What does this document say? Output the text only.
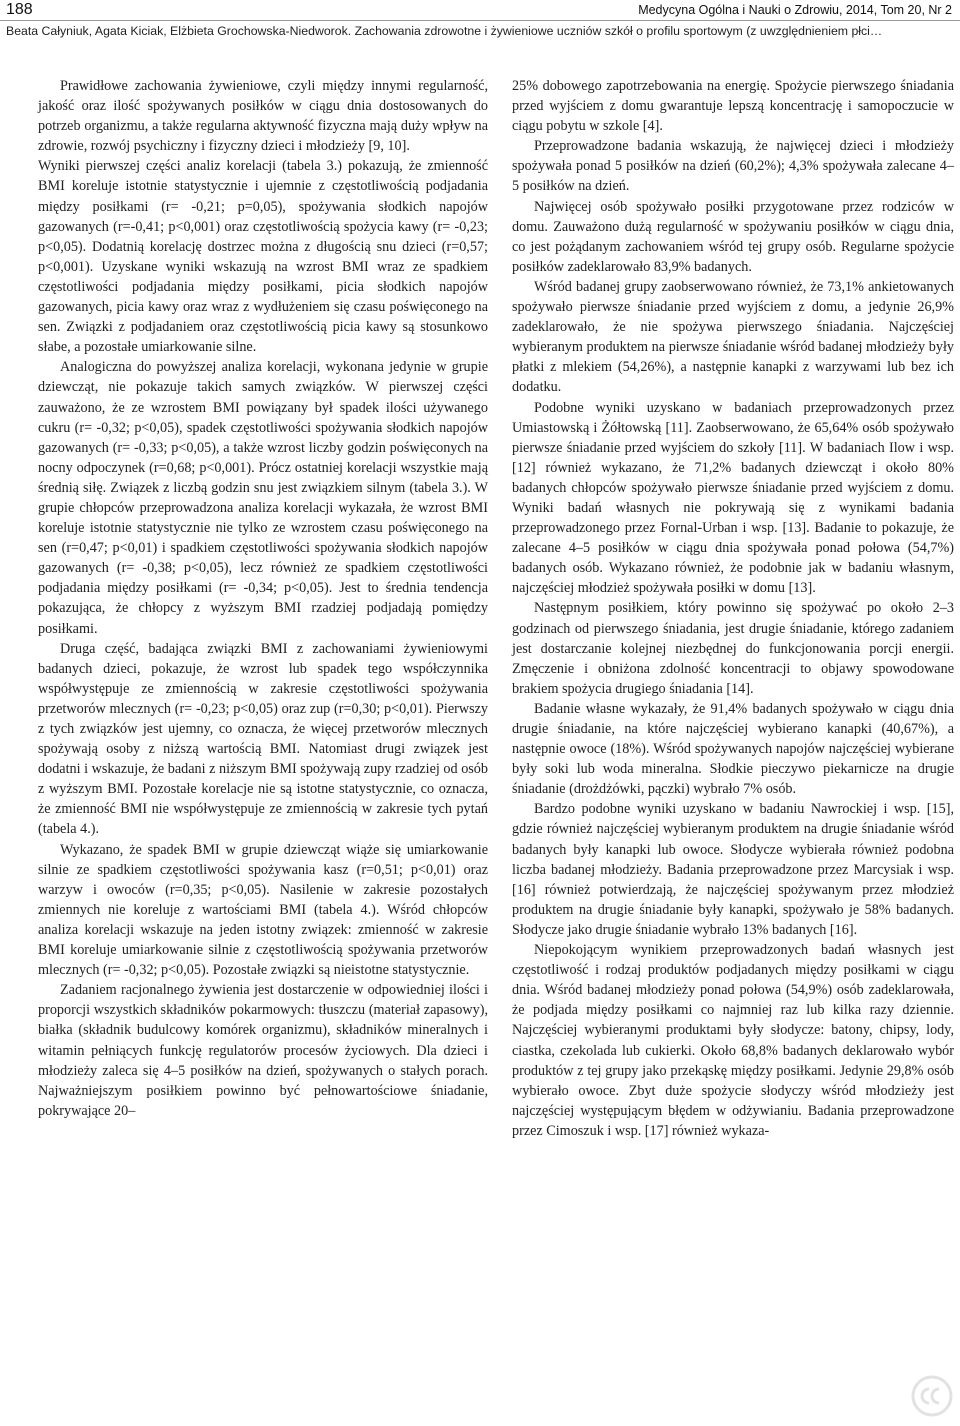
188	Medycyna Ogólna i Nauki o Zdrowiu, 2014, Tom 20, Nr 2
Beata Całyniuk, Agata Kiciak, Elżbieta Grochowska-Niedworok. Zachowania zdrowotne i żywieniowe uczniów szkół o profilu sportowym (z uwzględnieniem płci…

Prawidłowe zachowania żywieniowe, czyli między innymi regularność, jakość oraz ilość spożywanych posiłków w ciągu dnia dostosowanych do potrzeb organizmu, a także regularna aktywność fizyczna mają duży wpływ na zdrowie, rozwój psychiczny i fizyczny dzieci i młodzieży [9, 10].

Wyniki pierwszej części analiz korelacji (tabela 3.) pokazują, że zmienność BMI koreluje istotnie statystycznie i ujemnie z częstotliwością podjadania między posiłkami (r= -0,21; p=0,05), spożywania słodkich napojów gazowanych (r=-0,41; p<0,001) oraz częstotliwością spożycia kawy (r= -0,23; p<0,05). Dodatnią korelację dostrzec można z długością snu dzieci (r=0,57; p<0,001). Uzyskane wyniki wskazują na wzrost BMI wraz ze spadkiem częstotliwości podjadania między posiłkami, picia słodkich napojów gazowanych, picia kawy oraz wraz z wydłużeniem się czasu poświęconego na sen. Związki z podjadaniem oraz częstotliwością picia kawy są stosunkowo słabe, a pozostałe umiarkowanie silne.

Analogiczna do powyższej analiza korelacji, wykonana jedynie w grupie dziewcząt, nie pokazuje takich samych związków. W pierwszej części zauważono, że ze wzrostem BMI powiązany był spadek ilości używanego cukru (r= -0,32; p<0,05), spadek częstotliwości spożywania słodkich napojów gazowanych (r= -0,33; p<0,05), a także wzrost liczby godzin poświęconych na nocny odpoczynek (r=0,68; p<0,001). Prócz ostatniej korelacji wszystkie mają średnią siłę. Związek z liczbą godzin snu jest związkiem silnym (tabela 3.). W grupie chłopców przeprowadzona analiza korelacji wykazała, że wzrost BMI koreluje istotnie statystycznie nie tylko ze wzrostem czasu poświęconego na sen (r=0,47; p<0,01) i spadkiem częstotliwości spożywania słodkich napojów gazowanych (r= -0,38; p<0,05), lecz również ze spadkiem częstotliwości podjadania między posiłkami (r= -0,34; p<0,05). Jest to średnia tendencja pokazująca, że chłopcy z wyższym BMI rzadziej podjadają pomiędzy posiłkami.

Druga część, badająca związki BMI z zachowaniami żywieniowymi badanych dzieci, pokazuje, że wzrost lub spadek tego współczynnika współwystępuje ze zmiennością w zakresie częstotliwości spożywania przetworów mlecznych (r= -0,23; p<0,05) oraz zup (r=0,30; p<0,01). Pierwszy z tych związków jest ujemny, co oznacza, że więcej przetworów mlecznych spożywają osoby z niższą wartością BMI. Natomiast drugi związek jest dodatni i wskazuje, że badani z niższym BMI spożywają zupy rzadziej od osób z wyższym BMI. Pozostałe korelacje nie są istotne statystycznie, co oznacza, że zmienność BMI nie współwystępuje ze zmiennością w zakresie tych pytań (tabela 4.).

Wykazano, że spadek BMI w grupie dziewcząt wiąże się umiarkowanie silnie ze spadkiem częstotliwości spożywania kasz (r=0,51; p<0,01) oraz warzyw i owoców (r=0,35; p<0,05). Nasilenie w zakresie pozostałych zmiennych nie koreluje z wartościami BMI (tabela 4.). Wśród chłopców analiza korelacji wskazuje na jeden istotny związek: zmienność w zakresie BMI koreluje umiarkowanie silnie z częstotliwością spożywania przetworów mlecznych (r= -0,32; p<0,05). Pozostałe związki są nieistotne statystycznie.

Zadaniem racjonalnego żywienia jest dostarczenie w odpowiedniej ilości i proporcji wszystkich składników pokarmowych: tłuszczu (materiał zapasowy), białka (składnik budulcowy komórek organizmu), składników mineralnych i witamin pełniących funkcję regulatorów procesów życiowych. Dla dzieci i młodzieży zaleca się 4–5 posiłków na dzień, spożywanych o stałych porach. Najważniejszym posiłkiem powinno być pełnowartościowe śniadanie, pokrywające 20–

25% dobowego zapotrzebowania na energię. Spożycie pierwszego śniadania przed wyjściem z domu gwarantuje lepszą koncentrację i samopoczucie w ciągu pobytu w szkole [4].

Przeprowadzone badania wskazują, że najwięcej dzieci i młodzieży spożywała ponad 5 posiłków na dzień (60,2%); 4,3% spożywała zalecane 4–5 posiłków na dzień.

Najwięcej osób spożywało posiłki przygotowane przez rodziców w domu. Zauważono dużą regularność w spożywaniu posiłków w ciągu dnia, co jest pożądanym zachowaniem wśród tej grupy osób. Regularne spożycie posiłków zadeklarowało 83,9% badanych.

Wśród badanej grupy zaobserwowano również, że 73,1% ankietowanych spożywało pierwsze śniadanie przed wyjściem z domu, a jedynie 26,9% zadeklarowało, że nie spożywa pierwszego śniadania. Najczęściej wybieranym produktem na pierwsze śniadanie wśród badanej młodzieży były płatki z mlekiem (54,26%), a następnie kanapki z warzywami lub bez ich dodatku.

Podobne wyniki uzyskano w badaniach przeprowadzonych przez Umiastowską i Żółtowską [11]. Zaobserwowano, że 65,64% osób spożywało pierwsze śniadanie przed wyjściem do szkoły [11]. W badaniach Ilow i wsp. [12] również wykazano, że 71,2% badanych dziewcząt i około 80% badanych chłopców spożywało pierwsze śniadanie przed wyjściem z domu. Wyniki badań własnych nie pokrywają się z wynikami badania przeprowadzonego przez Fornal-Urban i wsp. [13]. Badanie to pokazuje, że zalecane 4–5 posiłków w ciągu dnia spożywała ponad połowa (54,7%) badanych osób. Wykazano również, że podobnie jak w badaniu własnym, najczęściej młodzież spożywała posiłki w domu [13].

Następnym posiłkiem, który powinno się spożywać po około 2–3 godzinach od pierwszego śniadania, jest drugie śniadanie, którego zadaniem jest dostarczanie kolejnej niezbędnej do funkcjonowania porcji energii. Zmęczenie i obniżona zdolność koncentracji to objawy spowodowane brakiem spożycia drugiego śniadania [14].

Badanie własne wykazały, że 91,4% badanych spożywało w ciągu dnia drugie śniadanie, na które najczęściej wybierano kanapki (40,67%), a następnie owoce (18%). Wśród spożywanych napojów najczęściej wybierane były soki lub woda mineralna. Słodkie pieczywo piekarnicze na drugie śniadanie (drożdżówki, pączki) wybrało 7% osób.

Bardzo podobne wyniki uzyskano w badaniu Nawrockiej i wsp. [15], gdzie również najczęściej wybieranym produktem na drugie śniadanie wśród badanych były kanapki lub owoce. Słodycze wybierała również podobna liczba badanej młodzieży. Badania przeprowadzone przez Marcysiak i wsp. [16] również potwierdzają, że najczęściej spożywanym przez młodzież produktem na drugie śniadanie były kanapki, spożywało je 58% badanych. Słodycze jako drugie śniadanie wybrało 13% badanych [16].

Niepokojącym wynikiem przeprowadzonych badań własnych jest częstotliwość i rodzaj produktów podjadanych między posiłkami w ciągu dnia. Wśród badanej młodzieży ponad połowa (54,9%) osób zadeklarowała, że podjada między posiłkami co najmniej raz lub kilka razy dziennie. Najczęściej wybieranymi produktami były słodycze: batony, chipsy, lody, ciastka, czekolada lub cukierki. Około 68,8% badanych deklarowało wybór produktów z tej grupy jako przekąskę między posiłkami. Jedynie 29,8% osób wybierało owoce. Zbyt duże spożycie słodyczy wśród młodzieży jest najczęściej występującym błędem w odżywianiu. Badania przeprowadzone przez Cimoszuk i wsp. [17] również wykaza-
